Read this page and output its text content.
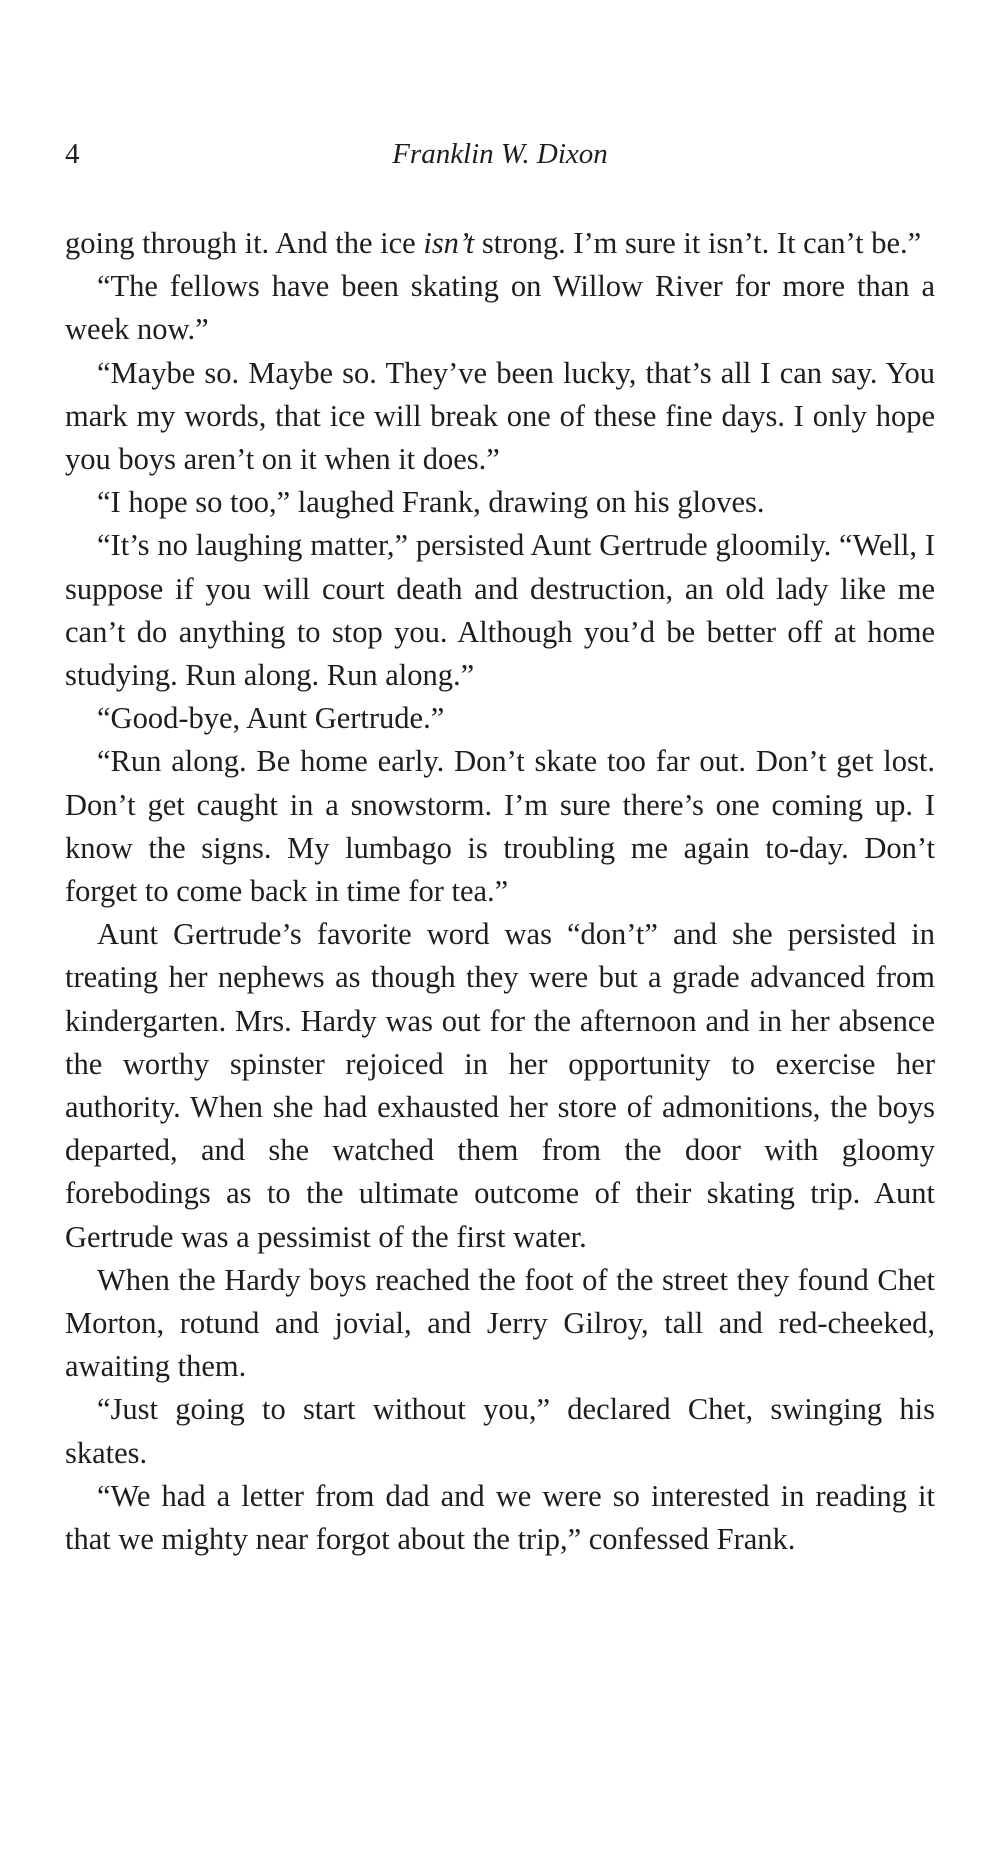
4	Franklin W. Dixon

going through it. And the ice isn’t strong. I’m sure it isn’t. It can’t be.”

“The fellows have been skating on Willow River for more than a week now.”

“Maybe so. Maybe so. They’ve been lucky, that’s all I can say. You mark my words, that ice will break one of these fine days. I only hope you boys aren’t on it when it does.”

“I hope so too,” laughed Frank, drawing on his gloves.

“It’s no laughing matter,” persisted Aunt Gertrude gloomily. “Well, I suppose if you will court death and destruction, an old lady like me can’t do anything to stop you. Although you’d be better off at home studying. Run along. Run along.”

“Good-bye, Aunt Gertrude.”

“Run along. Be home early. Don’t skate too far out. Don’t get lost. Don’t get caught in a snowstorm. I’m sure there’s one coming up. I know the signs. My lumbago is troubling me again to-day. Don’t forget to come back in time for tea.”

Aunt Gertrude’s favorite word was “don’t” and she persisted in treating her nephews as though they were but a grade advanced from kindergarten. Mrs. Hardy was out for the afternoon and in her absence the worthy spinster rejoiced in her opportunity to exercise her authority. When she had exhausted her store of admonitions, the boys departed, and she watched them from the door with gloomy forebodings as to the ultimate outcome of their skating trip. Aunt Gertrude was a pessimist of the first water.

When the Hardy boys reached the foot of the street they found Chet Morton, rotund and jovial, and Jerry Gilroy, tall and red-cheeked, awaiting them.

“Just going to start without you,” declared Chet, swinging his skates.

“We had a letter from dad and we were so interested in reading it that we mighty near forgot about the trip,” confessed Frank.
